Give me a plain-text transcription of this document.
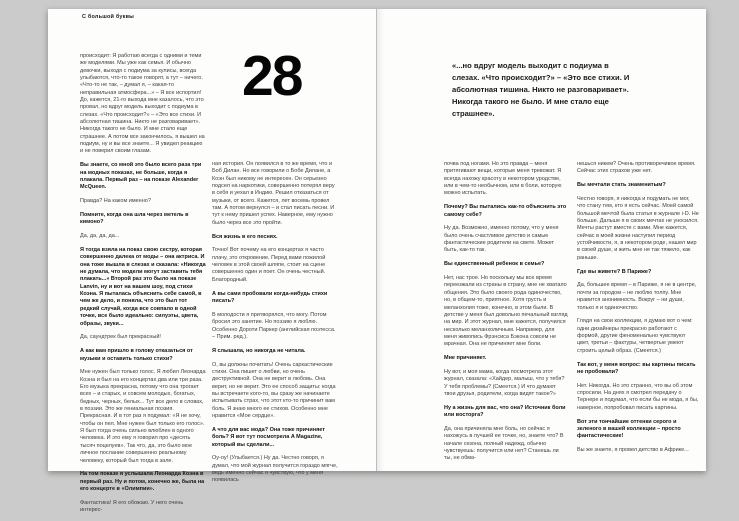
С большой буквы
28

происходит: Я работаю всегда с одними и теми же моделями. Мы уже как семья. И обычно девочки, выходя с подиума за кулисы, всегда улыбаются, что-то такое говорят, а тут – ничего. «Что-то не так, – думал я, – какая-то неправильная атмосфера...» – Я все испортил! До, кажется, 21-го выхода мне казалось, что это провал, но вдруг модель выходит с подиума в слезах. «Что происходит?» – «Это все стихи. И абсолютная тишина. Никто не разговаривает». Никогда такого не было. И мне стало еще страшнее. А потом все закончилось, я вышел на подиум, ну и вы все знаете... Я увидел реакцию и не поверил своим глазам.

Вы знаете, со мной это было всего раза три на модных показах, не больше, когда я плакала. Первый раз – на показе Alexander McQueen.

Правда? На каком именно?

Помните, когда она шла через метель в кимоно?

Да, да, да, да...

Я тогда взяла на показ свою сестру, которая совершенно далека от моды – она актриса. И она тоже вышла в слезах и сказала: «Никогда не думала, что модели могут заставить тебя плакать...» Второй раз это было на показе Lanvin, ну и вот на вашем шоу, под стихи Коэна. Я пыталась объяснить себе самой, в чем же дело, и поняла, что это был тот редкий случай, когда все совпало в одной точке, все было идеально: силуэты, цвета, образы, звуки...

Да, саундтрек был прекрасный!

А как вам пришло в голову отказаться от музыки и оставить только стихи?

Мне нужен был только голос. Я любил Леонарда Коэна и был на его концертах два или три раза. Его музыка прекрасна, потому что она трогает всех – и старых, и совсем молодых, богатых, бедных, черных, белых... Тут все дело в словах, в поэзии. Это же гениальная поэзия. Прекрасная. И в тот раз я подумал: «Я не хочу, чтобы он пел. Мне нужен был только его голос». Я был тогда очень сильно влюблен в одного человека. И это ему я говорил про «десять тысяч поцелуев». Так что, да, это было мое личное послание совершенно реальному человеку, который был тогда в зале.

На том показе я услышала Леонарда Коэна в первый раз. Ну и потом, конечно же, была на его концерте в «Олимпии».

Фантастика! Я его обожаю. У него очень интерес-

ная история. Он появился в то же время, что и Боб Дилан. Но все говорили о Бобе Дилане, а Коэн был никому не интересен. Он серьезно подсел на наркотики, совершенно потерял веру в себя и уехал в Индию. Решил отказаться от музыки, от всего. Кажется, лет восемь провел там. А потом вернулся – и стал писать песни. И тут к нему пришел успех. Наверное, ему нужно было через все это пройти.

Вся жизнь в его песнях.

Точно! Вот почему на его концертах я часто плачу, это откровение. Перед вами пожилой человек в этой своей шляпе, стоит на сцене совершенно один и поет. Он очень честный. Благородный.

А вы сами пробовали когда-нибудь стихи писать?

В молодости я притворялся, что могу. Потом бросил это занятие. Но поэзию я люблю. Особенно Дороти Паркер (английская поэтесса. – Прим. ред.).

Я слышала, но никогда не читала.

О, вы должны почитать! Очень саркастические стихи. Она пишет о любви, но очень деструктивной. Она не верит в любовь. Она верит, но не верит. Это ее способ защиты: когда вы встречаете кого-то, вы сразу же начинаете испытывать страх, что этот кто-то причинит вам боль. Я знаю много ее стихов. Особенно мне нравится «Мое сердце».

А что для вас мода? Она тоже причиняет боль? Я вот тут посмотрела A Magazine, который вы сделали...

Оу-оу! (Улыбается.) Ну да. Честно говоря, я думал, что мой журнал получится гораздо мягче, ведь именно сейчас я чувствую, что у меня появилась

«...но вдруг модель выходит с подиума в слезах. «Что происходит?» – «Это все стихи. И абсолютная тишина. Никто не разговаривает». Никогда такого не было. И мне стало еще страшнее».

почва под ногами. Но это правда – меня притягивают вещи, которые меня тревожат. Я всегда нахожу красоту в некотором уродстве, или в чем-то необычном, или в боли, которую можно испытать.

Почему? Вы пытались как-то объяснить это самому себе?

Ну да. Возможно, именно потому, что у меня было очень счастливое детство и самые фантастические родители на свете. Может быть, как-то так.

Вы единственный ребенок в семье?

Нет, нас трое. Но поскольку мы все время переезжали из страны в страну, мне не хватало общения. Это было своего рода одиночество, но, в общем-то, приятное. Хотя грусть и меланхолия тоже, конечно, в этом были. В детстве у меня был довольно печальный взгляд на мир. И этот журнал, мне кажется, получился несколько меланхоличным. Например, для меня живопись Фрэнсиса Бэкона совсем не мрачная. Она не причиняет мне боли.

Мне причиняет.

Ну вот, и моя мама, когда посмотрела этот журнал, сказала: «Хайдер, малыш, что у тебя? У тебя проблемы? (Смеется.) И что думают твои друзья, родители, когда видят такое?»

Ну а жизнь для вас, что она? Источник боли или восторга?

Да, она причиняла мне боль, но сейчас я нахожусь в лучшей ее точке, но, знаете что? В начале сезона, полный надежд, обычно чувствуешь: получится или нет? Станешь ли ты, не обма-

нешься никем? Очень противоречивое время. Сейчас этих страхов уже нет.

Вы мечтали стать знаменитым?

Честно говоря, я никогда и подумать не мог, что стану тем, кто я есть сейчас. Моей самой большой мечтой была статья в журнале i-D. Не больше. Дальше я в своих мечтах не уносился. Мечты растут вместе с вами. Мне кажется, сейчас в моей жизни наступил период устойчивости, я, в некотором роде, нашел мир в своей душе, и жить мне не так тяжело, как раньше.

Где вы живете? В Париже?

Да, большее время – в Париже, я не в центре, почти за городом – не люблю толпу. Мне нравится анонимность. Вокруг – ни души, только я и одиночество.

Глядя на свои коллекции, я думаю вот о чем: одни дизайнеры прекрасно работают с формой, другие феноменально чувствуют цвет, третьи – фактуры, четвертые умеют строить целый образ. (Смеется.)

Так вот, у меня вопрос: вы картины писать не пробовали?

Нет. Никогда. Но это странно, что вы об этом спросили. На днях я смотрел передачу о Тернере и подумал, что если бы не мода, я бы, наверное, попробовал писать картины.

Вот эти тончайшие оттенки серого и зеленого в вашей коллекции – просто фантастические!

Вы же знаете, я провел детство в Африке...
